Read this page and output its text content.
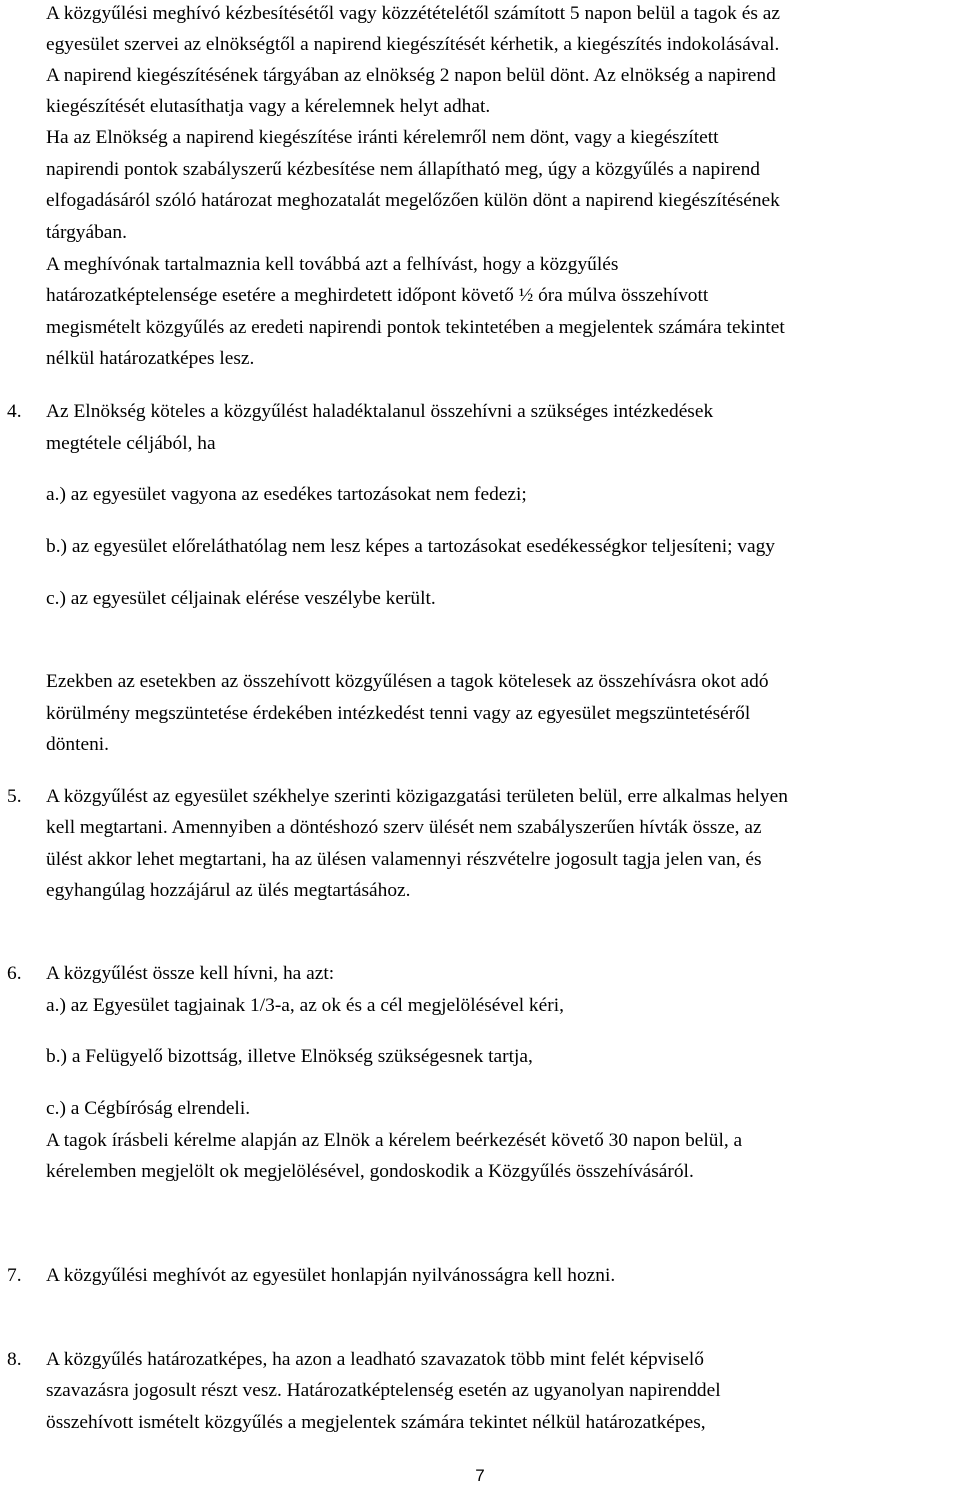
A közgyűlési meghívó kézbesítésétől vagy közzétételétől számított 5 napon belül a tagok és az
egyesület szervei az elnökségtől a napirend kiegészítését kérhetik, a kiegészítés indokolásával.
A napirend kiegészítésének tárgyában az elnökség 2 napon belül dönt. Az elnökség a napirend
kiegészítését elutasíthatja vagy a kérelemnek helyt adhat.
Ha az Elnökség a napirend kiegészítése iránti kérelemről nem dönt, vagy a kiegészített
napirendi pontok szabályszerű kézbesítése nem állapítható meg, úgy a közgyűlés a napirend
elfogadásáról szóló határozat meghozatalát megelőzően külön dönt a napirend kiegészítésének
tárgyában.
A meghívónak tartalmaznia kell továbbá azt a felhívást, hogy a közgyűlés
határozatképtelensége esetére a meghirdetett időpont követő ½ óra múlva összehívott
megismételt közgyűlés az eredeti napirendi pontok tekintetében a megjelentek számára tekintet
nélkül határozatképes lesz.
4. Az Elnökség köteles a közgyűlést haladéktalanul összehívni a szükséges intézkedések
megtétele céljából, ha
a.) az egyesület vagyona az esedékes tartozásokat nem fedezi;
b.) az egyesület előreláthatólag nem lesz képes a tartozásokat esedékességkor teljesíteni; vagy
c.) az egyesület céljainak elérése veszélybe került.
Ezekben az esetekben az összehívott közgyűlésen a tagok kötelesek az összehívásra okot adó
körülmény megszüntetése érdekében intézkedést tenni vagy az egyesület megszüntetéséről
dönteni.
5. A közgyűlést az egyesület székhelye szerinti közigazgatási területen belül, erre alkalmas helyen
kell megtartani. Amennyiben a döntéshozó szerv ülését nem szabályszerűen hívták össze, az
ülést akkor lehet megtartani, ha az ülésen valamennyi részvételre jogosult tagja jelen van, és
egyhangúlag hozzájárul az ülés megtartásához.
6. A közgyűlést össze kell hívni, ha azt:
a.) az Egyesület tagjainak 1/3-a, az ok és a cél megjelölésével kéri,
b.) a Felügyelő bizottság, illetve Elnökség szükségesnek tartja,
c.) a Cégbíróság elrendeli.
A tagok írásbeli kérelme alapján az Elnök a kérelem beérkezését követő 30 napon belül, a
kérelemben megjelölt ok megjelölésével, gondoskodik a Közgyűlés összehívásáról.
7. A közgyűlési meghívót az egyesület honlapján nyilvánosságra kell hozni.
8. A közgyűlés határozatképes, ha azon a leadható szavazatok több mint felét képviselő
szavazásra jogosult részt vesz. Határozatképtelenség esetén az ugyanolyan napirenddel
összehívott ismételt közgyűlés a megjelentek számára tekintet nélkül határozatképes,
7
